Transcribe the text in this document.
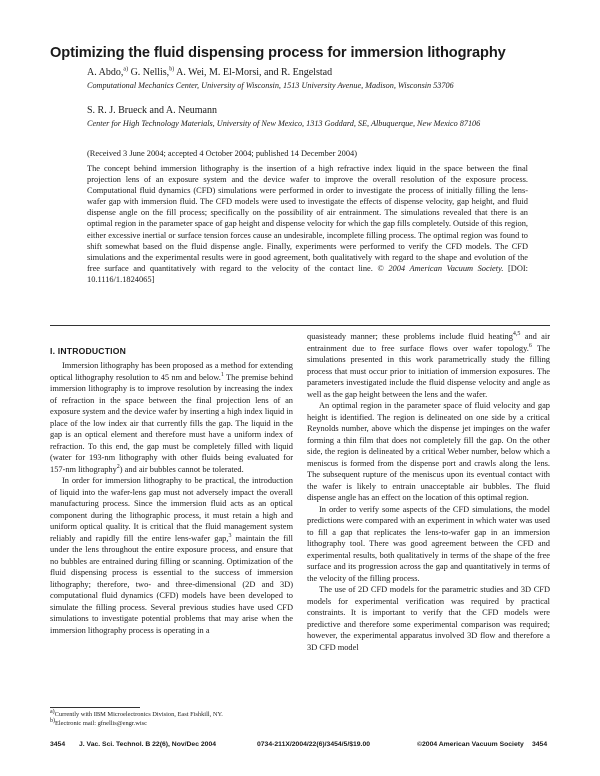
Optimizing the fluid dispensing process for immersion lithography
A. Abdo,$^{a)}$ G. Nellis,$^{b)}$ A. Wei, M. El-Morsi, and R. Engelstad
Computational Mechanics Center, University of Wisconsin, 1513 University Avenue, Madison, Wisconsin 53706
S. R. J. Brueck and A. Neumann
Center for High Technology Materials, University of New Mexico, 1313 Goddard, SE, Albuquerque, New Mexico 87106
(Received 3 June 2004; accepted 4 October 2004; published 14 December 2004)
The concept behind immersion lithography is the insertion of a high refractive index liquid in the space between the final projection lens of an exposure system and the device wafer to improve the overall resolution of the exposure process. Computational fluid dynamics (CFD) simulations were performed in order to investigate the process of initially filling the lens-wafer gap with immersion fluid. The CFD models were used to investigate the effects of dispense velocity, gap height, and fluid dispense angle on the fill process; specifically on the possibility of air entrainment. The simulations revealed that there is an optimal region in the parameter space of gap height and dispense velocity for which the gap fills completely. Outside of this region, either excessive inertial or surface tension forces cause an undesirable, incomplete filling process. The optimal region was found to shift somewhat based on the fluid dispense angle. Finally, experiments were performed to verify the CFD models. The CFD simulations and the experimental results were in good agreement, both qualitatively with regard to the shape and evolution of the free surface and quantitatively with regard to the velocity of the contact line. © 2004 American Vacuum Society. [DOI: 10.1116/1.1824065]
I. INTRODUCTION

Immersion lithography has been proposed as a method for extending optical lithography resolution to 45 nm and below.$^1$ The premise behind immersion lithography is to improve resolution by increasing the index of refraction in the space between the final projection lens of an exposure system and the device wafer by inserting a high index liquid in place of the low index air that currently fills the gap. The liquid in the gap is an optical element and therefore must have a uniform index of refraction. To this end, the gap must be completely filled with liquid (water for 193-nm lithography with other fluids being evaluated for 157-nm lithography$^2$) and air bubbles cannot be tolerated.

In order for immersion lithography to be practical, the introduction of liquid into the wafer-lens gap must not adversely impact the overall manufacturing process. Since the immersion fluid acts as an optical component during the lithographic process, it must retain a high and uniform optical quality. It is critical that the fluid management system reliably and rapidly fill the entire lens-wafer gap,$^3$ maintain the fill under the lens throughout the entire exposure process, and ensure that no bubbles are entrained during filling or scanning. Optimization of the fluid dispensing process is essential to the success of immersion lithography; therefore, two- and three-dimensional (2D and 3D) computational fluid dynamics (CFD) models have been developed to simulate the filling process. Several previous studies have used CFD simulations to investigate potential problems that may arise when the immersion lithography process is operating in a

quasisteady manner; these problems include fluid heating$^{4,5}$ and air entrainment due to free surface flows over wafer topology.$^6$ The simulations presented in this work parametrically study the filling process that must occur prior to initiation of immersion exposures. The parameters investigated include the fluid dispense velocity and angle as well as the gap height between the lens and the wafer.

An optimal region in the parameter space of fluid velocity and gap height is identified. The region is delineated on one side by a critical Reynolds number, above which the dispense jet impinges on the wafer forming a thin film that does not completely fill the gap. On the other side, the region is delineated by a critical Weber number, below which a meniscus is formed from the dispense port and crawls along the lens. The subsequent rupture of the meniscus upon its eventual contact with the wafer is likely to entrain unacceptable air bubbles. The fluid dispense angle has an effect on the location of this optimal region.

In order to verify some aspects of the CFD simulations, the model predictions were compared with an experiment in which water was used to fill a gap that replicates the lens-to-wafer gap in an immersion lithography tool. There was good agreement between the CFD and experimental results, both qualitatively in terms of the shape of the free surface and its progression across the gap and quantitatively in terms of the velocity of the filling process.

The use of 2D CFD models for the parametric studies and 3D CFD models for experimental verification was required by practical constraints. It is important to verify that the CFD models were predictive and therefore some experimental comparison was required; however, the experimental apparatus involved 3D flow and therefore a 3D CFD model

$^{a)}$Currently with IBM Microelectronics Division, East Fishkill, NY.
$^{b)}$Electronic mail: gfnellis@engr.wisc
3454 J. Vac. Sci. Technol. B 22(6), Nov/Dec 2004	0734-211X/2004/22(6)/3454/5/$19.00	©2004 American Vacuum Society 3454
